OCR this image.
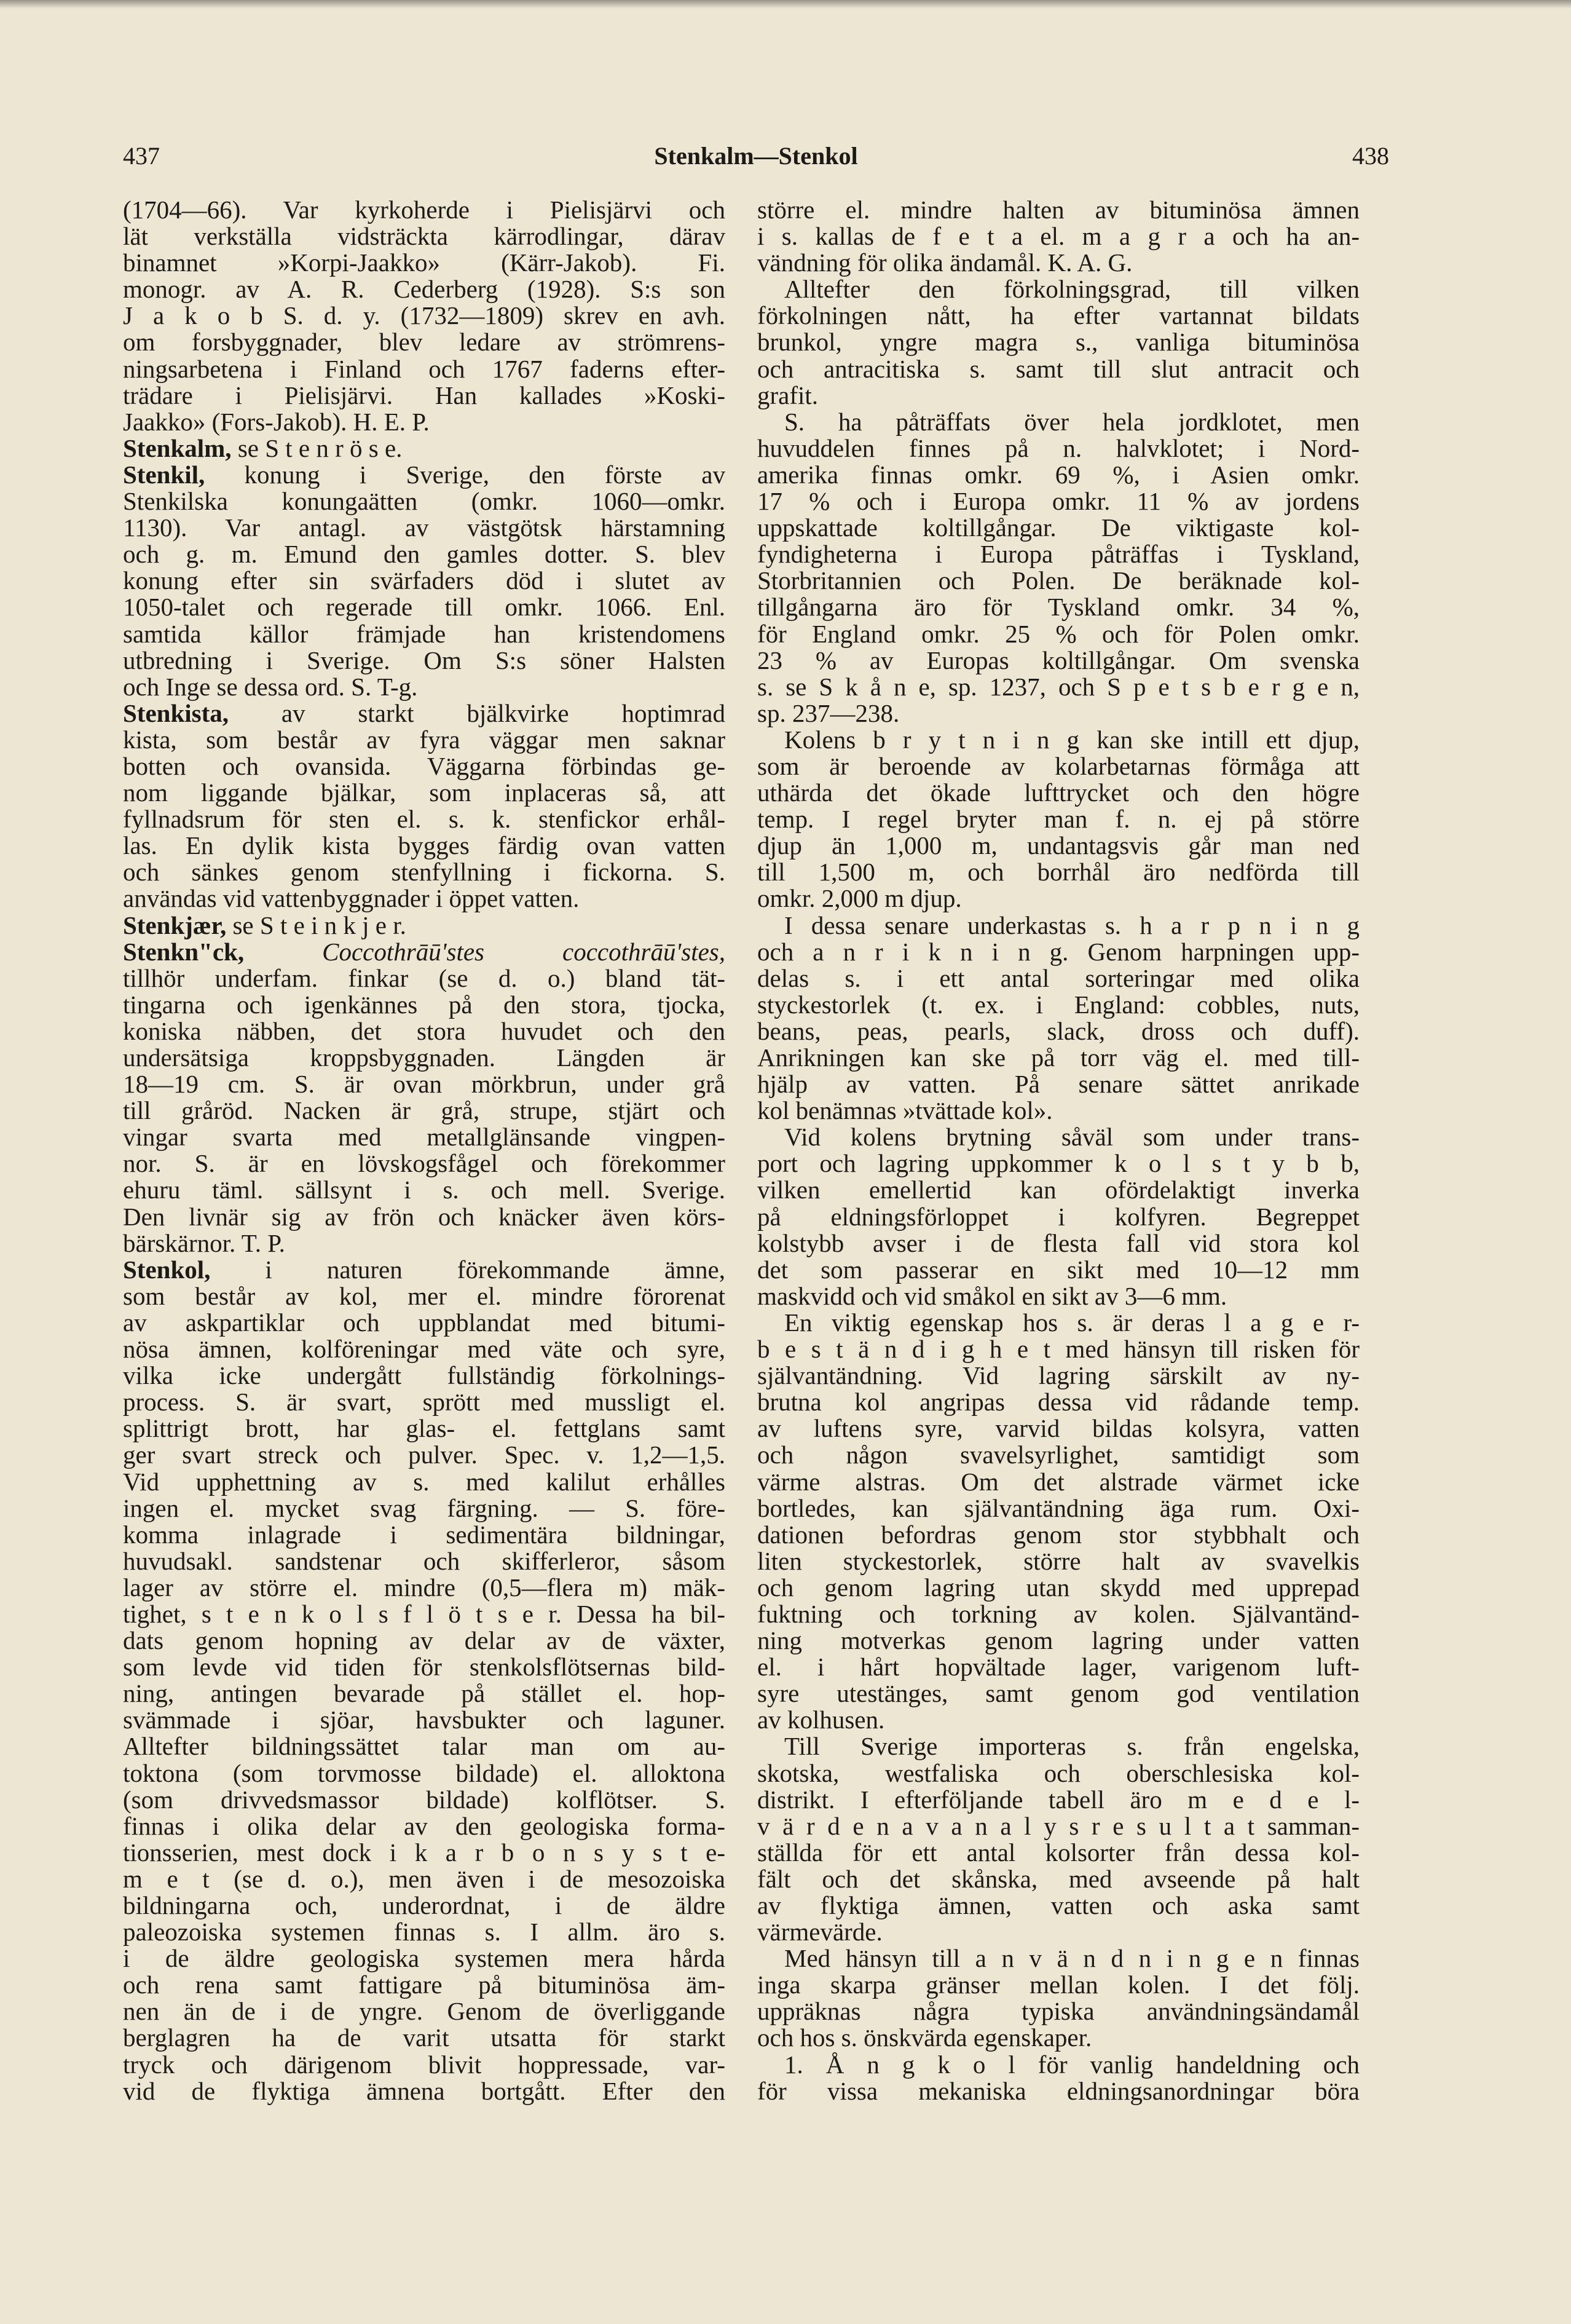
437	Stenkalm—Stenkol	438
(1704—66). Var kyrkoherde i Pielisjärvi och
lät verkställa vidsträckta kärrodlingar, därav
binamnet »Korpi-Jaakko» (Kärr-Jakob). Fi.
monogr. av A. R. Cederberg (1928). S:s son
J a k o b S. d. y. (1732—1809) skrev en avh.
om forsbyggnader, blev ledare av strömrens-
ningsarbetena i Finland och 1767 faderns efter-
trädare i Pielisjärvi. Han kallades »Koski-
Jaakko» (Fors-Jakob). H. E. P.
Stenkalm, se S t e n r ö s e.
Stenkil, konung i Sverige, den förste av
Stenkilska konungaätten (omkr. 1060—omkr.
1130). Var antagl. av västgötsk härstamning
och g. m. Emund den gamles dotter. S. blev
konung efter sin svärfaders död i slutet av
1050-talet och regerade till omkr. 1066. Enl.
samtida källor främjade han kristendomens
utbredning i Sverige. Om S:s söner Halsten
och Inge se dessa ord. S. T-g.
Stenkista, av starkt bjälkvirke hoptimrad
kista, som består av fyra väggar men saknar
botten och ovansida. Väggarna förbindas ge-
nom liggande bjälkar, som inplaceras så, att
fyllnadsrum för sten el. s. k. stenfickor erhål-
las. En dylik kista bygges färdig ovan vatten
och sänkes genom stenfyllning i fickorna. S.
användas vid vattenbyggnader i öppet vatten.
Stenkjær, se S t e i n k j e r.
Stenkn"ck,	Coccothrāū'stes coccothrāū'stes,
tillhör underfam. finkar (se d. o.) bland tät-
tingarna och igenkännes på den stora, tjocka,
koniska näbben, det stora huvudet och den
undersätsiga kroppsbyggnaden. Längden är
18—19 cm. S. är ovan mörkbrun, under grå
till gråröd. Nacken är grå, strupe, stjärt och
vingar svarta med metallglänsande vingpen-
nor. S. är en lövskogsfågel och förekommer
ehuru täml. sällsynt i s. och mell. Sverige.
Den livnär sig av frön och knäcker även körs-
bärskärnor. T. P.
Stenkol, i naturen förekommande ämne,
som består av kol, mer el. mindre förorenat
av askpartiklar och uppblandat med bitumi-
nösa ämnen, kolföreningar med väte och syre,
vilka icke undergått fullständig förkolnings-
process. S. är svart, sprött med mussligt el.
splittrigt brott, har glas- el. fettglans samt
ger svart streck och pulver. Spec. v. 1,2—1,5.
Vid upphettning av s. med kalilut erhålles
ingen el. mycket svag färgning. — S. före-
komma inlagrade i sedimentära bildningar,
huvudsakl. sandstenar och skifferleror, såsom
lager av större el. mindre (0,5—flera m) mäk-
tighet, s t e n k o l s f l ö t s e r. Dessa ha bil-
dats genom hopning av delar av de växter,
som levde vid tiden för stenkolsflötsernas bild-
ning, antingen bevarade på stället el. hop-
svämmade i sjöar, havsbukter och laguner.
Alltefter bildningssättet talar man om au-
toktona (som torvmosse bildade) el. alloktona
(som drivvedsmassor bildade) kolflötser. S.
finnas i olika delar av den geologiska forma-
tionsserien, mest dock i k a r b o n s y s t e-
m e t (se d. o.), men även i de mesozoiska
bildningarna och, underordnat, i de äldre
paleozoiska systemen finnas s. I allm. äro s.
i de äldre geologiska systemen mera hårda
och rena samt fattigare på bituminösa äm-
nen än de i de yngre. Genom de överliggande
berglagren ha de varit utsatta för starkt
tryck och därigenom blivit hoppressade, var-
vid de flyktiga ämnena bortgått. Efter den
större el. mindre halten av bituminösa ämnen
i s. kallas de f e t a el. m a g r a och ha an-
vändning för olika ändamål. K. A. G.
Alltefter den förkolningsgrad, till vilken
förkolningen nått, ha efter vartannat bildats
brunkol, yngre magra s., vanliga bituminösa
och antracitiska s. samt till slut antracit och
grafit.
S. ha påträffats över hela jordklotet, men
huvuddelen finnes på n. halvklotet; i Nord-
amerika finnas omkr. 69 %, i Asien omkr.
17 % och i Europa omkr. 11 % av jordens
uppskattade koltillgångar. De viktigaste kol-
fyndigheterna i Europa påträffas i Tyskland,
Storbritannien och Polen. De beräknade kol-
tillgångarna äro för Tyskland omkr. 34 %,
för England omkr. 25 % och för Polen omkr.
23 % av Europas koltillgångar. Om svenska
s. se S k å n e, sp. 1237, och S p e t s b e r g e n,
sp. 237—238.
Kolens b r y t n i n g kan ske intill ett djup,
som är beroende av kolarbetarnas förmåga att
uthärda det ökade lufttrycket och den högre
temp. I regel bryter man f. n. ej på större
djup än 1,000 m, undantagsvis går man ned
till 1,500 m, och borrhål äro nedförda till
omkr. 2,000 m djup.
I dessa senare underkastas s. h a r p n i n g
och a n r i k n i n g. Genom harpningen upp-
delas s. i ett antal sorteringar med olika
styckestorlek (t. ex. i England: cobbles, nuts,
beans, peas, pearls, slack, dross och duff).
Anrikningen kan ske på torr väg el. med till-
hjälp av vatten. På senare sättet anrikade
kol benämnas »tvättade kol».
Vid kolens brytning såväl som under trans-
port och lagring uppkommer k o l s t y b b,
vilken emellertid kan ofördelaktigt inverka
på eldningsförloppet i kolfyren. Begreppet
kolstybb avser i de flesta fall vid stora kol
det som passerar en sikt med 10—12 mm
maskvidd och vid småkol en sikt av 3—6 mm.
En viktig egenskap hos s. är deras l a g e r-
b e s t ä n d i g h e t med hänsyn till risken för
självantändning. Vid lagring särskilt av ny-
brutna kol angripas dessa vid rådande temp.
av luftens syre, varvid bildas kolsyra, vatten
och någon svavelsyrlighet, samtidigt som
värme alstras. Om det alstrade värmet icke
bortledes, kan självantändning äga rum. Oxi-
dationen befordras genom stor stybbhalt och
liten styckestorlek, större halt av svavelkis
och genom lagring utan skydd med upprepad
fuktning och torkning av kolen. Självantänd-
ning motverkas genom lagring under vatten
el. i hårt hopvältade lager, varigenom luft-
syre utestänges, samt genom god ventilation
av kolhusen.
Till Sverige importeras s. från engelska,
skotska, westfaliska och oberschlesiska kol-
distrikt. I efterföljande tabell äro m e d e l-
v ä r d e n a v a n a l y s r e s u l t a t samman-
ställda för ett antal kolsorter från dessa kol-
fält och det skånska, med avseende på halt
av flyktiga ämnen, vatten och aska samt
värmevärde.
Med hänsyn till a n v ä n d n i n g e n finnas
inga skarpa gränser mellan kolen. I det följ.
uppräknas några typiska användningsändamål
och hos s. önskvärda egenskaper.
1. Å n g k o l för vanlig handeldning och
för vissa mekaniska eldningsanordningar böra
